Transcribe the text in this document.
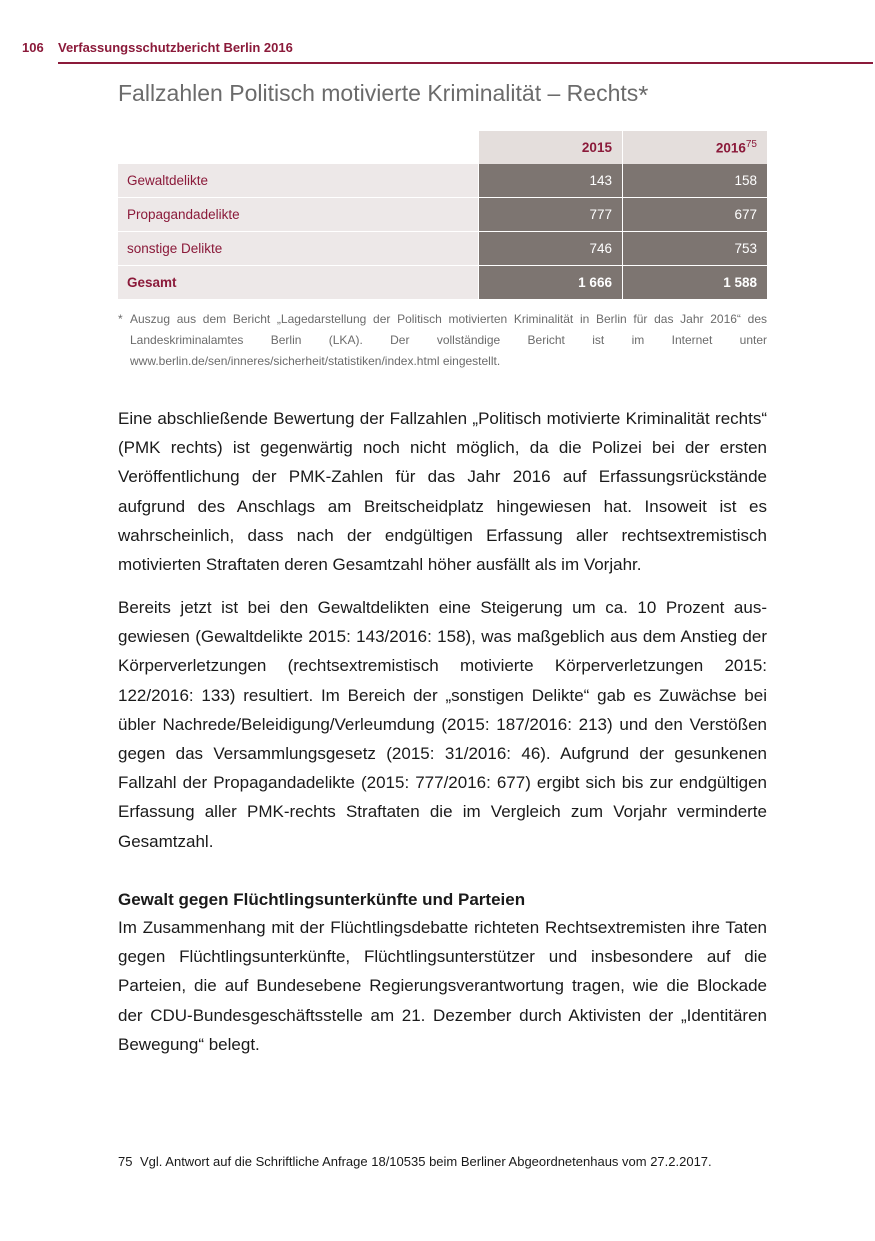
106 Verfassungsschutzbericht Berlin 2016
Fallzahlen Politisch motivierte Kriminalität – Rechts*
	2015	2016$^{75}$
Gewaltdelikte	143	158
Propagandadelikte	777	677
sonstige Delikte	746	753
Gesamt	1 666	1 588
* Auszug aus dem Bericht „Lagedarstellung der Politisch motivierten Kriminalität in Berlin für das Jahr 2016“ des Landeskriminalamtes Berlin (LKA). Der vollständige Bericht ist im Internet unter www.berlin.de/sen/inneres/sicherheit/statistiken/index.html eingestellt.

Eine abschließende Bewertung der Fallzahlen „Politisch motivierte Kriminalität rechts“ (PMK rechts) ist gegenwärtig noch nicht möglich, da die Polizei bei der ersten Veröffentlichung der PMK-Zahlen für das Jahr 2016 auf Erfassungsrückstände aufgrund des Anschlags am Breitscheidplatz hingewiesen hat. Insoweit ist es wahrscheinlich, dass nach der endgültigen Erfassung aller rechtsextremistisch motivierten Straftaten deren Gesamtzahl höher ausfällt als im Vorjahr.

Bereits jetzt ist bei den Gewaltdelikten eine Steigerung um ca. 10 Prozent ausgewiesen (Gewaltdelikte 2015: 143/2016: 158), was maßgeblich aus dem Anstieg der Körperverletzungen (rechtsextremistisch motivierte Körperverletzungen 2015: 122/2016: 133) resultiert. Im Bereich der „sonstigen Delikte“ gab es Zuwächse bei übler Nachrede/Beleidigung/Verleumdung (2015: 187/2016: 213) und den Verstößen gegen das Versammlungsgesetz (2015: 31/2016: 46). Aufgrund der gesunkenen Fallzahl der Propagandadelikte (2015: 777/2016: 677) ergibt sich bis zur endgültigen Erfassung aller PMK-rechts Straftaten die im Vergleich zum Vorjahr verminderte Gesamtzahl.

Gewalt gegen Flüchtlingsunterkünfte und Parteien

Im Zusammenhang mit der Flüchtlingsdebatte richteten Rechtsextremisten ihre Taten gegen Flüchtlingsunterkünfte, Flüchtlingsunterstützer und insbesondere auf die Parteien, die auf Bundesebene Regierungsverantwortung tragen, wie die Blockade der CDU-Bundesgeschäftsstelle am 21. Dezember durch Aktivisten der „Identitären Bewegung“ belegt.

75 Vgl. Antwort auf die Schriftliche Anfrage 18/10535 beim Berliner Abgeordnetenhaus vom 27.2.2017.
